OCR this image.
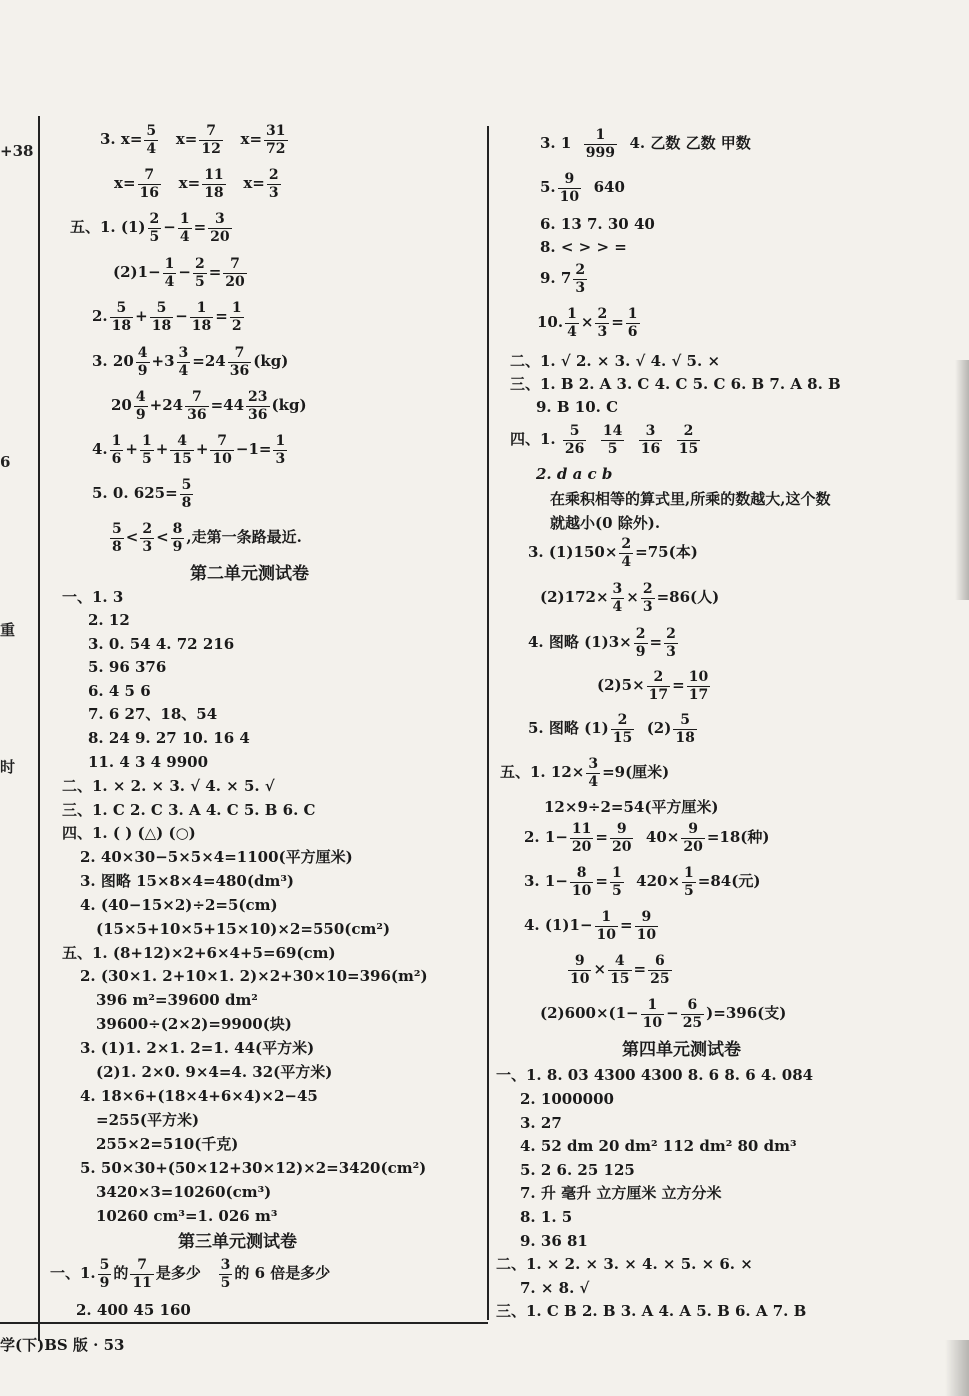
+38
6
重
时
3. $x= \frac{5}{4} x= \frac{7}{12} x= \frac{31}{72}$
$x= \frac{7}{16} x= \frac{11}{18} x= \frac{2}{3}$
五、1. $(1) \frac{2}{5} - \frac{1}{4} = \frac{3}{20}$
$(2)1- \frac{1}{4} - \frac{2}{5} = \frac{7}{20}$
2. $\frac{5}{18} + \frac{5}{18} - \frac{1}{18} = \frac{1}{2}$
3. $20 \frac{4}{9} +3 \frac{3}{4} =24 \frac{7}{36} (kg)$
$20 \frac{4}{9} +24 \frac{7}{36} =44 \frac{23}{36} (kg)$
4. $\frac{1}{6} + \frac{1}{5} + \frac{4}{15} + \frac{7}{10} -1= \frac{1}{3}$
5. 0. $625= \frac{5}{8}$
$\frac{5}{8} < \frac{2}{3} < \frac{8}{9}$ ,走第一条路最近.
第二单元测试卷
一、1. 3
2. 12
3. 0. 54 4. 72 216
5. 96 376
6. 4 5 6
7. 6 27、18、54
8. 24 9. 27 10. 16 4
11. 4 3 4 9900
二、1. × 2. × 3. √ 4. × 5. √
三、1. C 2. C 3. A 4. C 5. B 6. C
四、1. ( ) (△) (○)
2. 40×30−5×5×4=1100(平方厘米)
3. 图略 15×8×4=480(dm³)
4. (40−15×2)÷2=5(cm)
(15×5+10×5+15×10)×2=550(cm²)
五、1. (8+12)×2+6×4+5=69(cm)
2. (30×1. 2+10×1. 2)×2+30×10=396(m²)
396 m²=39600 dm²
39600÷(2×2)=9900(块)
3. (1)1. 2×1. 2=1. 44(平方米)
(2)1. 2×0. 9×4=4. 32(平方米)
4. 18×6+(18×4+6×4)×2−45
=255(平方米)
255×2=510(千克)
5. 50×30+(50×12+30×12)×2=3420(cm²)
3420×3=10260(cm³)
10260 cm³=1. 026 m³
第三单元测试卷
一、1. $\frac{5}{9}$ 的 $\frac{7}{11}$ 是多少 $\frac{3}{5}$ 的 6 倍是多少
2. 400 45 160
学(下)BS 版 · 53
3. $1 \frac{1}{999} 4$. 乙数 乙数 甲数
5. $\frac{9}{10} 640$
6. 13 7. 30 40
8. < > > =
9. $7 \frac{2}{3}$
10. $\frac{1}{4} \times \frac{2}{3} = \frac{1}{6}$
二、1. √ 2. × 3. √ 4. √ 5. ×
三、1. B 2. A 3. C 4. C 5. C 6. B 7. A 8. B
9. B 10. C
四、1. $\frac{5}{26}$
$\frac{14}{5}$
$\frac{3}{16}$
$\frac{2}{15}$
2. d a c b
在乘积相等的算式里,所乘的数越大,这个数
就越小(0 除外).
3. $(1)150\times \frac{2}{4} =75$(本)
$(2)172\times \frac{3}{4} \times \frac{2}{3} =86$(人)
4. 图略 $(1)3\times \frac{2}{9} = \frac{2}{3}$
$(2)5\times \frac{2}{17} = \frac{10}{17}$
5. 图略 $(1) \frac{2}{15} (2) \frac{5}{18}$
五、1. $12\times \frac{3}{4} =9$(厘米)
12×9÷2=54(平方厘米)
2. $1- \frac{11}{20} = \frac{9}{20} 40\times \frac{9}{20} =18$(种)
3. $1- \frac{8}{10} = \frac{1}{5} 420\times \frac{1}{5} =84$(元)
4. $(1)1- \frac{1}{10} = \frac{9}{10}$
$\frac{9}{10} \times \frac{4}{15} = \frac{6}{25}$
$(2)600\times(1- \frac{1}{10} - \frac{6}{25} )=396$(支)
第四单元测试卷
一、1. 8. 03 4300 4300 8. 6 8. 6 4. 084
2. 1000000
3. 27
4. 52 dm 20 dm² 112 dm² 80 dm³
5. 2 6. 25 125
7. 升 毫升 立方厘米 立方分米
8. 1. 5
9. 36 81
二、1. × 2. × 3. × 4. × 5. × 6. ×
7. × 8. √
三、1. C B 2. B 3. A 4. A 5. B 6. A 7. B
